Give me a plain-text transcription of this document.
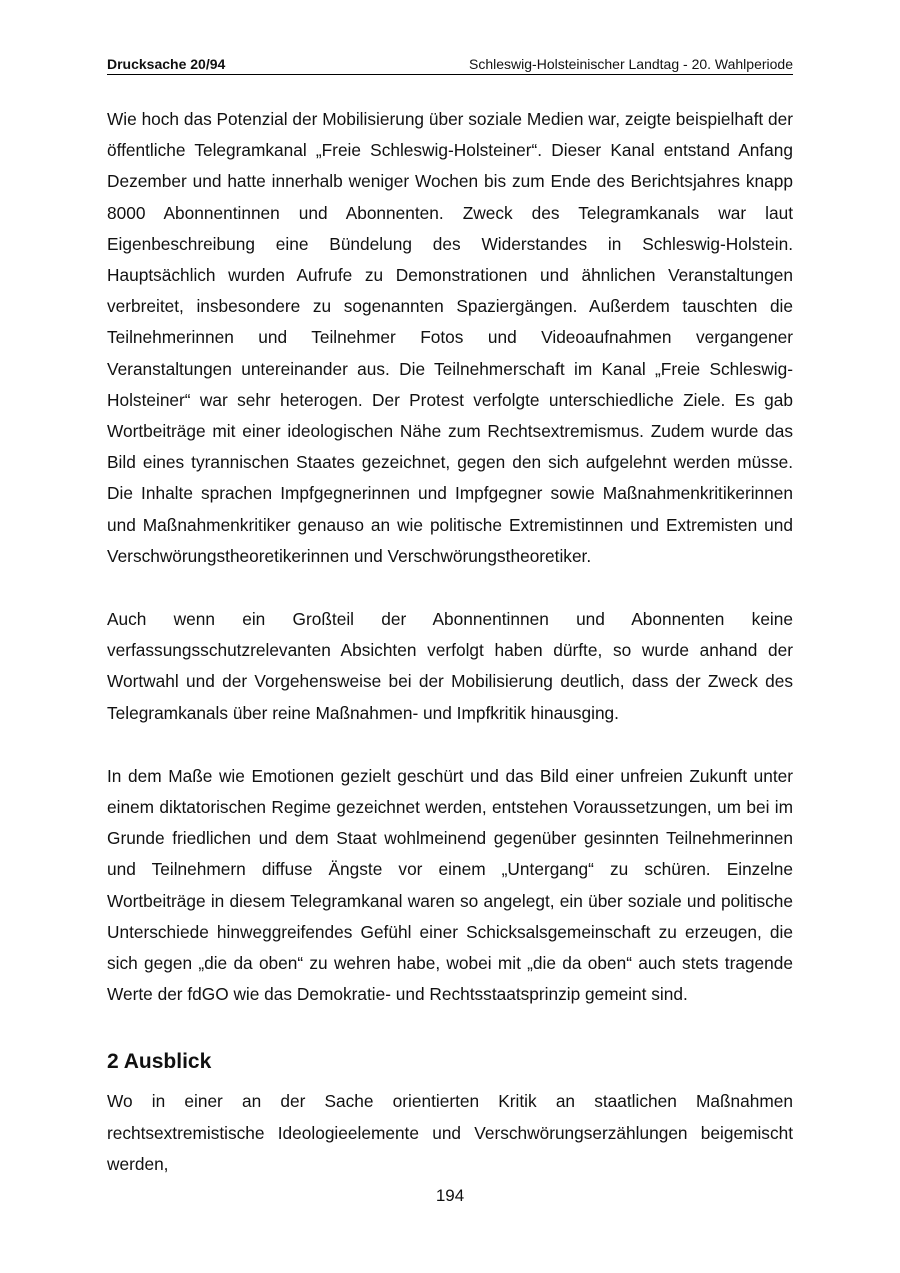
Drucksache 20/94	Schleswig-Holsteinischer Landtag - 20. Wahlperiode

Wie hoch das Potenzial der Mobilisierung über soziale Medien war, zeigte beispielhaft der öffentliche Telegramkanal „Freie Schleswig-Holsteiner“. Dieser Kanal entstand Anfang Dezember und hatte innerhalb weniger Wochen bis zum Ende des Berichtsjahres knapp 8000 Abonnentinnen und Abonnenten. Zweck des Telegramkanals war laut Eigenbeschreibung eine Bündelung des Widerstandes in Schleswig-Holstein. Hauptsächlich wurden Aufrufe zu Demonstrationen und ähnlichen Veranstaltungen verbreitet, insbesondere zu sogenannten Spaziergängen. Außerdem tauschten die Teilnehmerinnen und Teilnehmer Fotos und Videoaufnahmen vergangener Veranstaltungen untereinander aus. Die Teilnehmerschaft im Kanal „Freie Schleswig-Holsteiner“ war sehr heterogen. Der Protest verfolgte unterschiedliche Ziele. Es gab Wortbeiträge mit einer ideologischen Nähe zum Rechtsextremismus. Zudem wurde das Bild eines tyrannischen Staates gezeichnet, gegen den sich aufgelehnt werden müsse. Die Inhalte sprachen Impfgegnerinnen und Impfgegner sowie Maßnahmenkritikerinnen und Maßnahmenkritiker genauso an wie politische Extremistinnen und Extremisten und Verschwörungstheoretikerinnen und Verschwörungstheoretiker.

Auch wenn ein Großteil der Abonnentinnen und Abonnenten keine verfassungsschutzrelevanten Absichten verfolgt haben dürfte, so wurde anhand der Wortwahl und der Vorgehensweise bei der Mobilisierung deutlich, dass der Zweck des Telegramkanals über reine Maßnahmen- und Impfkritik hinausging.

In dem Maße wie Emotionen gezielt geschürt und das Bild einer unfreien Zukunft unter einem diktatorischen Regime gezeichnet werden, entstehen Voraussetzungen, um bei im Grunde friedlichen und dem Staat wohlmeinend gegenüber gesinnten Teilnehmerinnen und Teilnehmern diffuse Ängste vor einem „Untergang“ zu schüren. Einzelne Wortbeiträge in diesem Telegramkanal waren so angelegt, ein über soziale und politische Unterschiede hinweggreifendes Gefühl einer Schicksalsgemeinschaft zu erzeugen, die sich gegen „die da oben“ zu wehren habe, wobei mit „die da oben“ auch stets tragende Werte der fdGO wie das Demokratie- und Rechtsstaatsprinzip gemeint sind.

2 Ausblick

Wo in einer an der Sache orientierten Kritik an staatlichen Maßnahmen rechtsextremistische Ideologieelemente und Verschwörungserzählungen beigemischt werden,

194
